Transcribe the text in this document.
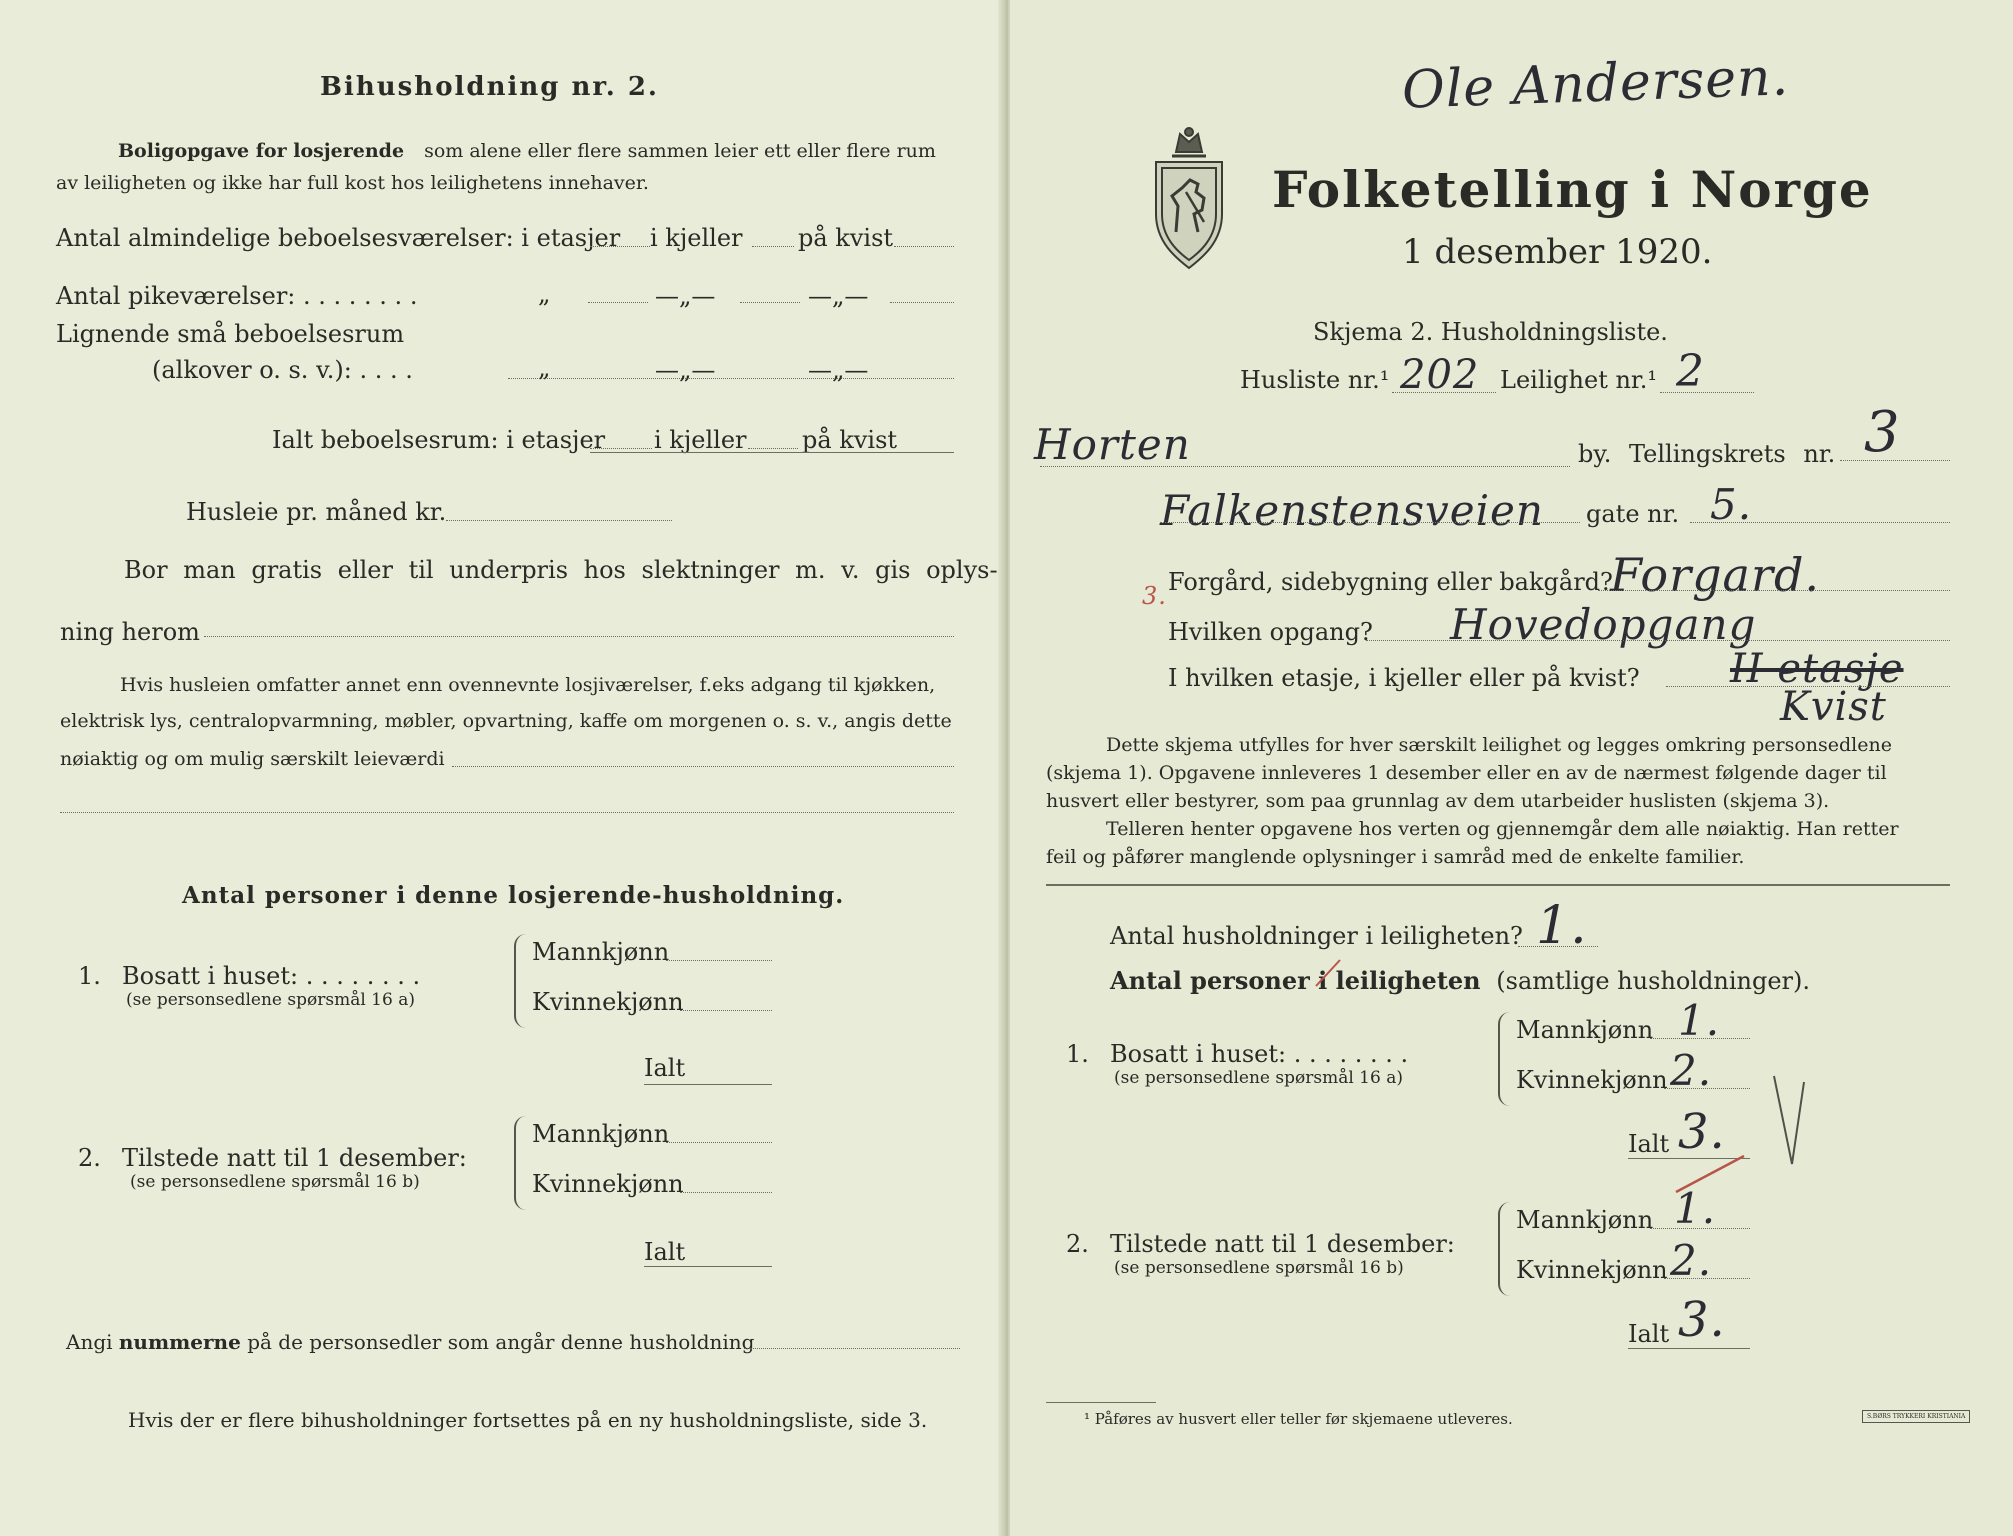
Bihusholdning nr. 2.
Boligopgave for losjerende som alene eller flere sammen leier ett eller flere rum
av leiligheten og ikke har full kost hos leilighetens innehaver.
Antal almindelige beboelsesværelser: i etasjer i kjeller på kvist
Antal pikeværelser: . . . . . . . .	„	—„—	—„—
Lignende små beboelsesrum
(alkover o. s. v.): . . . .	„	—„—	—„—
Ialt beboelsesrum: i etasjer i kjeller på kvist
Husleie pr. måned kr.
Bor man gratis eller til underpris hos slektninger m. v. gis oplys-
ning herom
Hvis husleien omfatter annet enn ovennevnte losjiværelser, f.eks adgang til kjøkken,
elektrisk lys, centralopvarmning, møbler, opvartning, kaffe om morgenen o. s. v., angis dette
nøiaktig og om mulig særskilt leieværdi
Antal personer i denne losjerende-husholdning.
1. Bosatt i huset: . . . . . . . .
(se personsedlene spørsmål 16 a)
Mannkjønn
Kvinnekjønn
Ialt
2. Tilstede natt til 1 desember:
(se personsedlene spørsmål 16 b)
Mannkjønn
Kvinnekjønn
Ialt
Angi nummerne på de personsedler som angår denne husholdning
Hvis der er flere bihusholdninger fortsettes på en ny husholdningsliste, side 3.
Ole Andersen.
Folketelling i Norge
1 desember 1920.
Skjema 2. Husholdningsliste.
Husliste nr.¹ 202 Leilighet nr.¹ 2
Horten	by. Tellingskrets nr. 3
Falkenstensveien gate nr. 5.
3. Forgård, sidebygning eller bakgård?
Forgard.
Hvilken opgang? Hovedopgang
I hvilken etasje, i kjeller eller på kvist? II etasje
Kvist
Dette skjema utfylles for hver særskilt leilighet og legges omkring personsedlene
(skjema 1). Opgavene innleveres 1 desember eller en av de nærmest følgende dager til
husvert eller bestyrer, som paa grunnlag av dem utarbeider huslisten (skjema 3).
Telleren henter opgavene hos verten og gjennemgår dem alle nøiaktig. Han retter
feil og påfører manglende oplysninger i samråd med de enkelte familier.
Antal husholdninger i leiligheten? 1.
Antal personer i leiligheten (samtlige husholdninger).
1. Bosatt i huset: . . . . . . . .
(se personsedlene spørsmål 16 a)
Mannkjønn 1.
Kvinnekjønn 2.
Ialt 3.
2. Tilstede natt til 1 desember:
(se personsedlene spørsmål 16 b)
Mannkjønn 1.
Kvinnekjønn 2.
Ialt 3.
¹ Påføres av husvert eller teller før skjemaene utleveres.	S.BØRS TRYKKERI KRISTIANIA
